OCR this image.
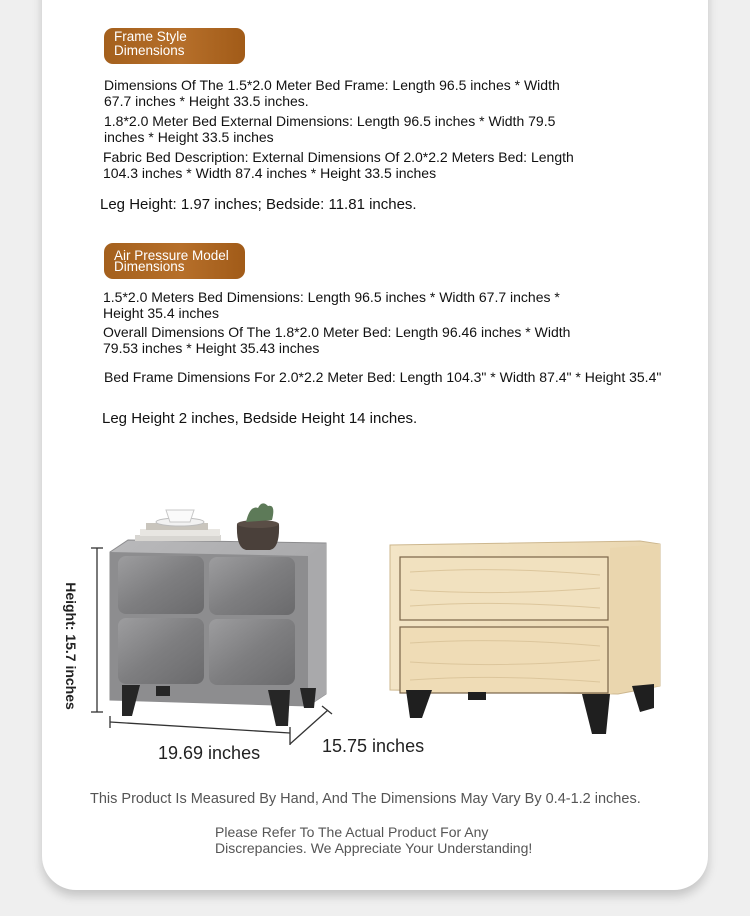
Frame Style
Dimensions
Dimensions Of The 1.5*2.0 Meter Bed Frame: Length 96.5 inches * Width 67.7 inches * Height 33.5 inches.
1.8*2.0 Meter Bed External Dimensions: Length 96.5 inches * Width 79.5 inches * Height 33.5 inches
Fabric Bed Description: External Dimensions Of 2.0*2.2 Meters Bed: Length 104.3 inches * Width 87.4 inches * Height 33.5 inches
Leg Height: 1.97 inches; Bedside: 11.81 inches.
Air Pressure Model
Dimensions
1.5*2.0 Meters Bed Dimensions: Length 96.5 inches * Width 67.7 inches * Height 35.4 inches
Overall Dimensions Of The 1.8*2.0 Meter Bed: Length 96.46 inches * Width 79.53 inches * Height 35.43 inches
Bed Frame Dimensions For 2.0*2.2 Meter Bed: Length 104.3" * Width 87.4" * Height 35.4"
Leg Height 2 inches, Bedside Height 14 inches.
Height: 15.7 inches
19.69 inches	15.75 inches
This Product Is Measured By Hand, And The Dimensions May Vary By 0.4-1.2 inches.
Please Refer To The Actual Product For Any Discrepancies. We Appreciate Your Understanding!
